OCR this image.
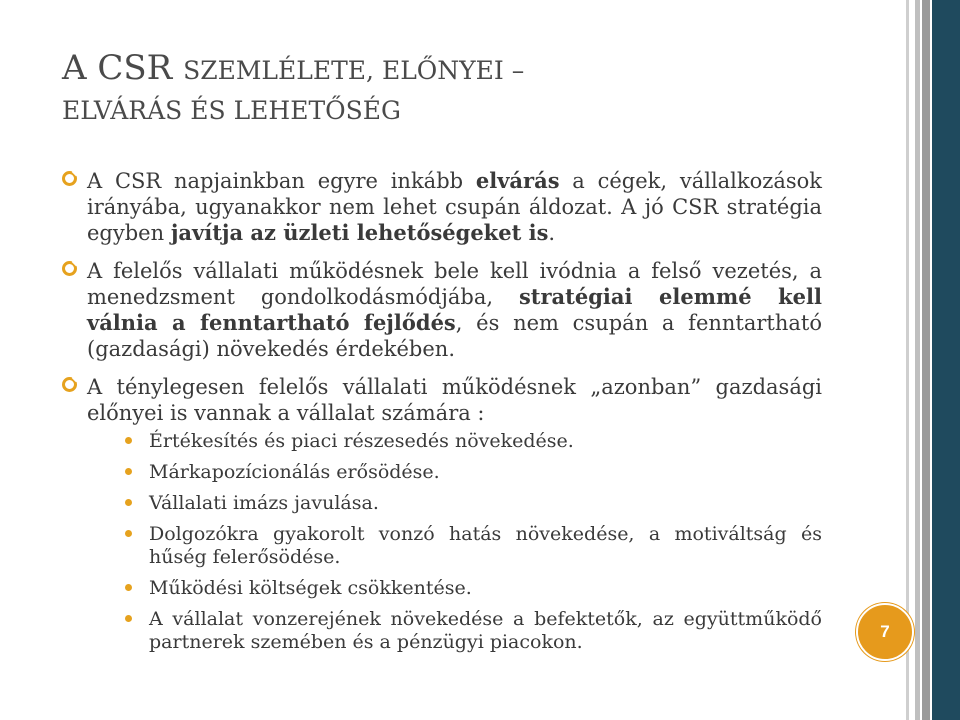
A CSR SZEMLÉLETE, ELŐNYEI –
ELVÁRÁS ÉS LEHETŐSÉG
A CSR napjainkban egyre inkább elvárás a cégek, vállalkozások irányába, ugyanakkor nem lehet csupán áldozat. A jó CSR stratégia egyben javítja az üzleti lehetőségeket is.
A felelős vállalati működésnek bele kell ivódnia a felső vezetés, a menedzsment gondolkodásmódjába, stratégiai elemmé kell válnia a fenntartható fejlődés, és nem csupán a fenntartható (gazdasági) növekedés érdekében.
A ténylegesen felelős vállalati működésnek „azonban” gazdasági előnyei is vannak a vállalat számára :
Értékesítés és piaci részesedés növekedése.
Márkapozícionálás erősödése.
Vállalati imázs javulása.
Dolgozókra gyakorolt vonzó hatás növekedése, a motiváltság és hűség felerősödése.
Működési költségek csökkentése.
A vállalat vonzerejének növekedése a befektetők, az együttműködő partnerek szemében és a pénzügyi piacokon.	7
